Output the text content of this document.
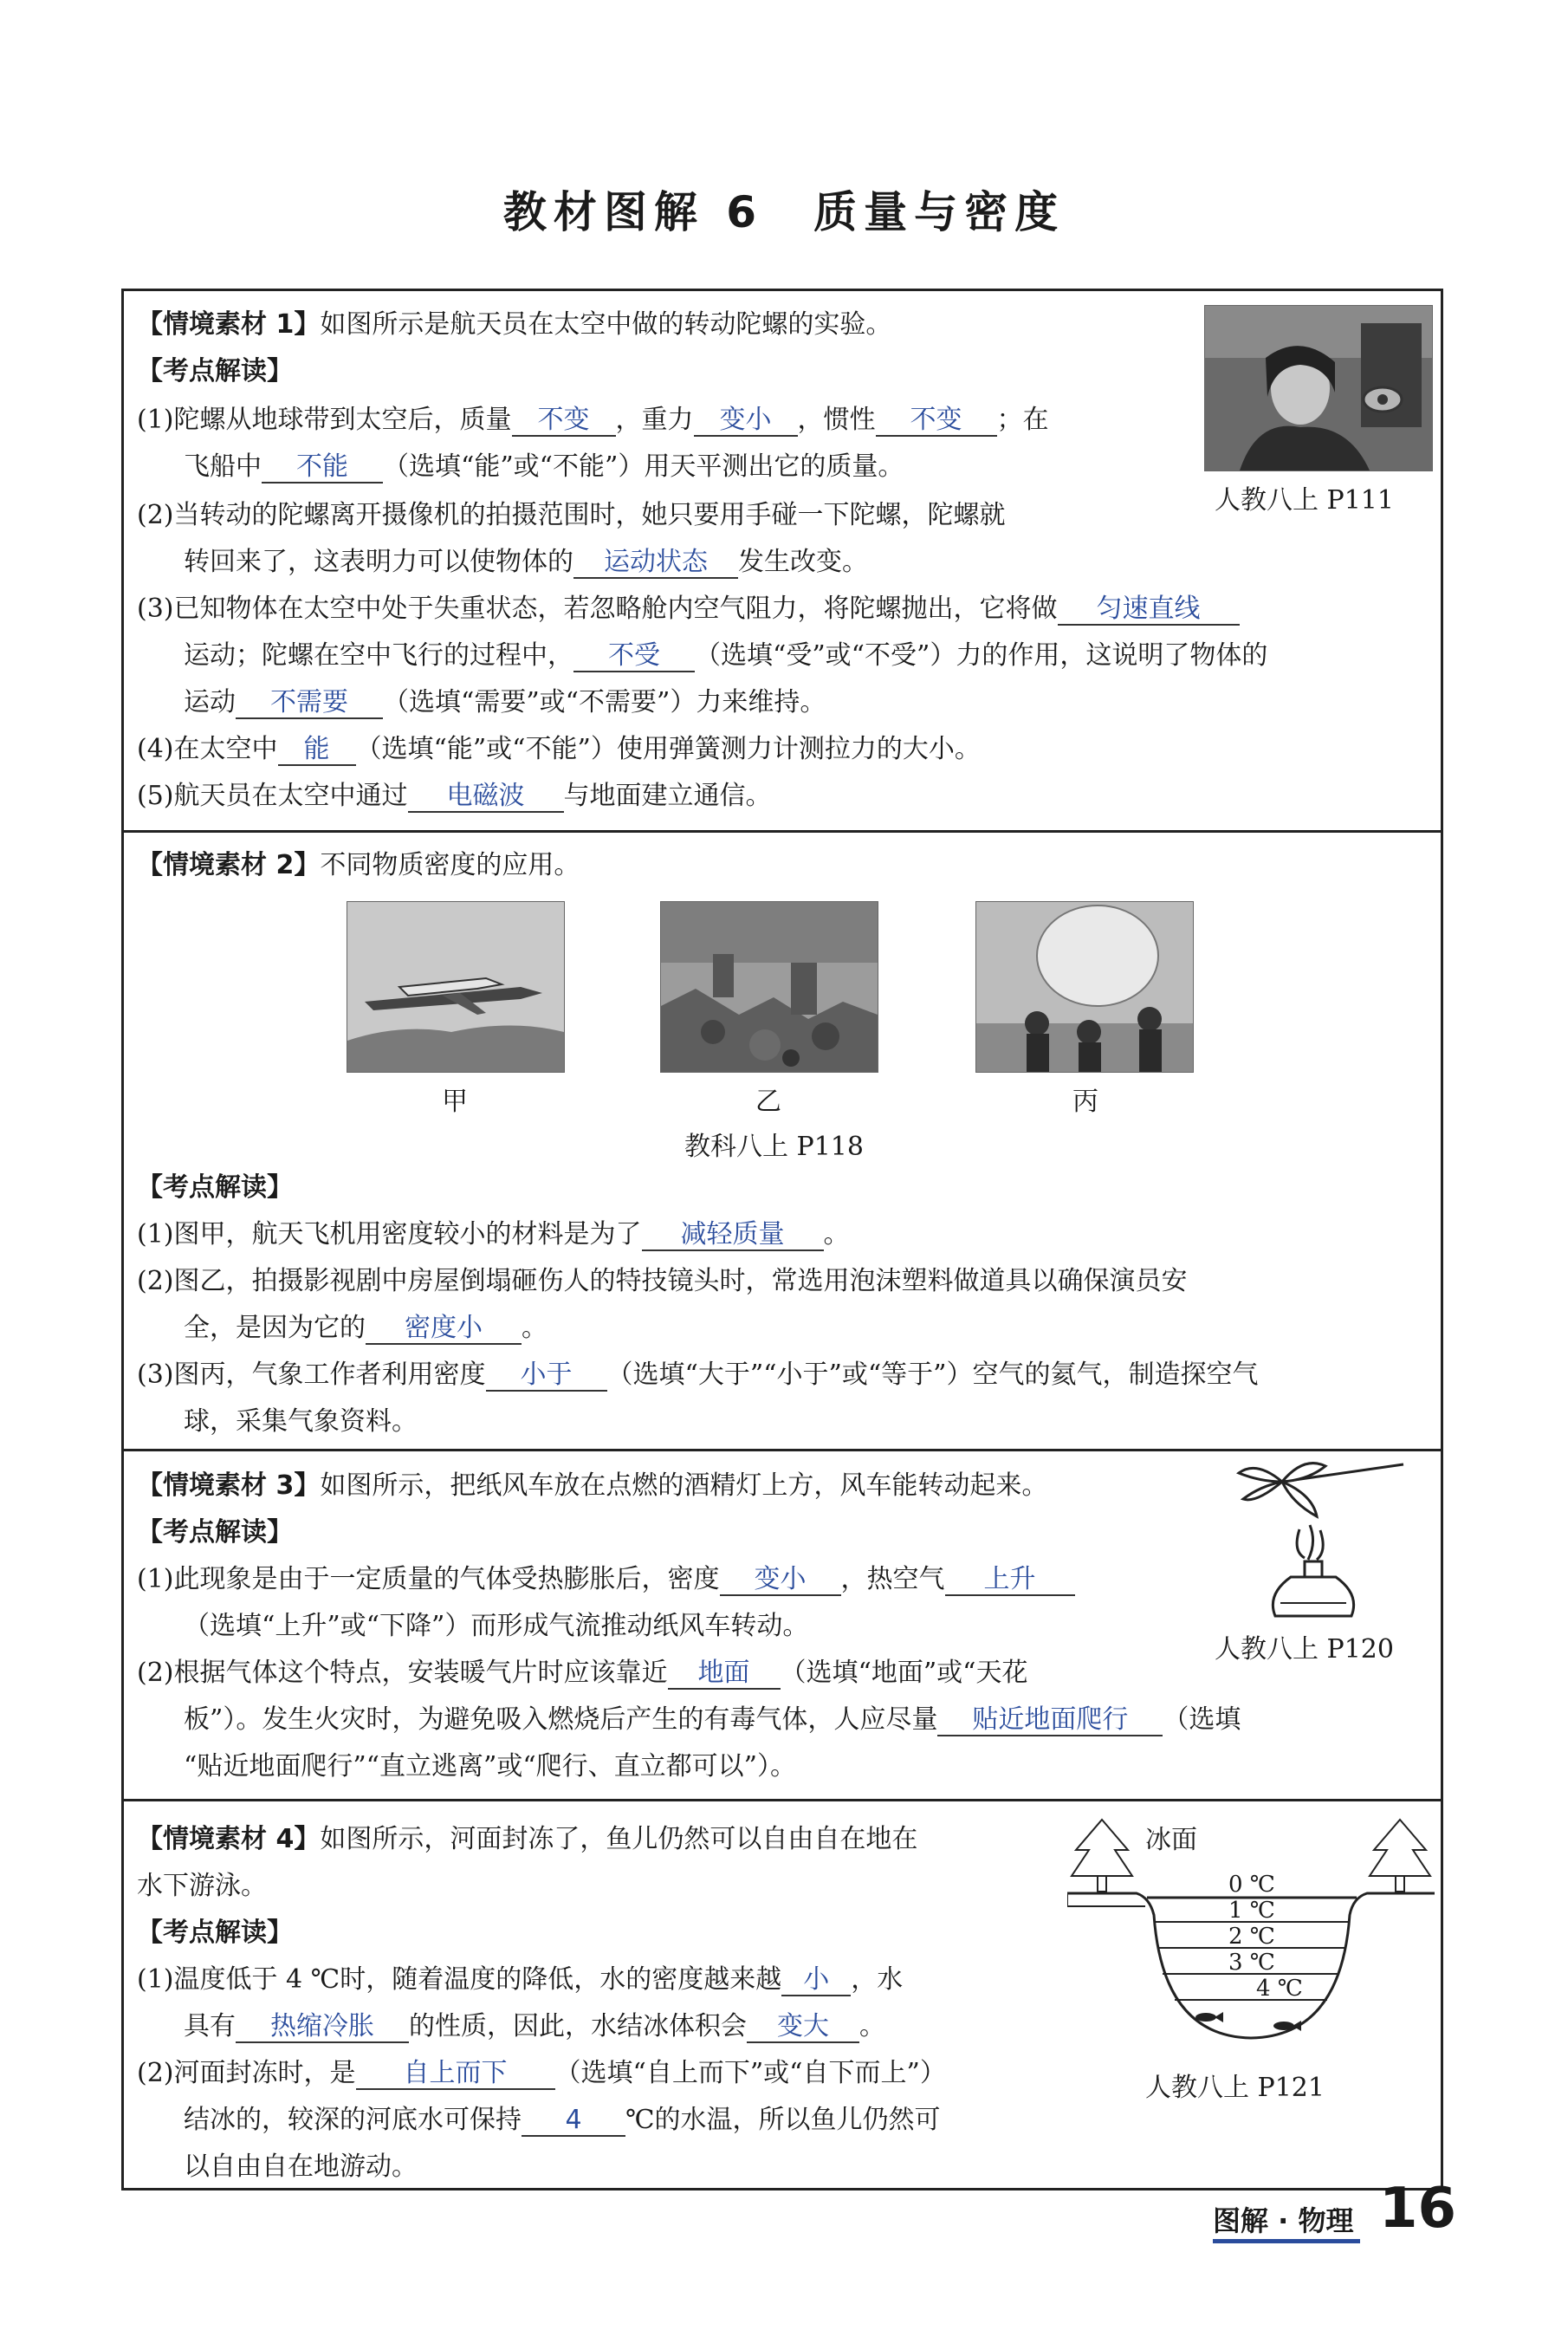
教材图解 6　质量与密度
【情境素材 1】如图所示是航天员在太空中做的转动陀螺的实验。
【考点解读】
(1)陀螺从地球带到太空后，质量 不变 ，重力 变小 ，惯性 不变 ；在
飞船中 不能 （选填“能”或“不能”）用天平测出它的质量。
(2)当转动的陀螺离开摄像机的拍摄范围时，她只要用手碰一下陀螺，陀螺就
转回来了，这表明力可以使物体的 运动状态 发生改变。
(3)已知物体在太空中处于失重状态，若忽略舱内空气阻力，将陀螺抛出，它将做 匀速直线
运动；陀螺在空中飞行的过程中， 不受 （选填“受”或“不受”）力的作用，这说明了物体的
运动 不需要 （选填“需要”或“不需要”）力来维持。
(4)在太空中 能 （选填“能”或“不能”）使用弹簧测力计测拉力的大小。
(5)航天员在太空中通过 电磁波 与地面建立通信。
人教八上 P111
【情境素材 2】不同物质密度的应用。
甲	乙	丙
教科八上 P118
【考点解读】
(1)图甲，航天飞机用密度较小的材料是为了 减轻质量 。
(2)图乙，拍摄影视剧中房屋倒塌砸伤人的特技镜头时，常选用泡沫塑料做道具以确保演员安
全，是因为它的 密度小 。
(3)图丙，气象工作者利用密度 小于 （选填“大于”“小于”或“等于”）空气的氦气，制造探空气
球，采集气象资料。
【情境素材 3】如图所示，把纸风车放在点燃的酒精灯上方，风车能转动起来。
【考点解读】
(1)此现象是由于一定质量的气体受热膨胀后，密度 变小 ，热空气 上升
（选填“上升”或“下降”）而形成气流推动纸风车转动。
(2)根据气体这个特点，安装暖气片时应该靠近 地面 （选填“地面”或“天花
板”）。发生火灾时，为避免吸入燃烧后产生的有毒气体，人应尽量 贴近地面爬行 （选填
“贴近地面爬行”“直立逃离”或“爬行、直立都可以”）。
人教八上 P120
【情境素材 4】如图所示，河面封冻了，鱼儿仍然可以自由自在地在
水下游泳。
【考点解读】
(1)温度低于 4 ℃时，随着温度的降低，水的密度越来越 小 ，水
具有 热缩冷胀 的性质，因此，水结冰体积会 变大 。
(2)河面封冻时，是 自上而下 （选填“自上而下”或“自下而上”）
结冰的，较深的河底水可保持 4 ℃的水温，所以鱼儿仍然可
以自由自在地游动。
冰面
0 ℃
1 ℃
2 ℃
3 ℃
4 ℃
人教八上 P121
图解 · 物理 16
